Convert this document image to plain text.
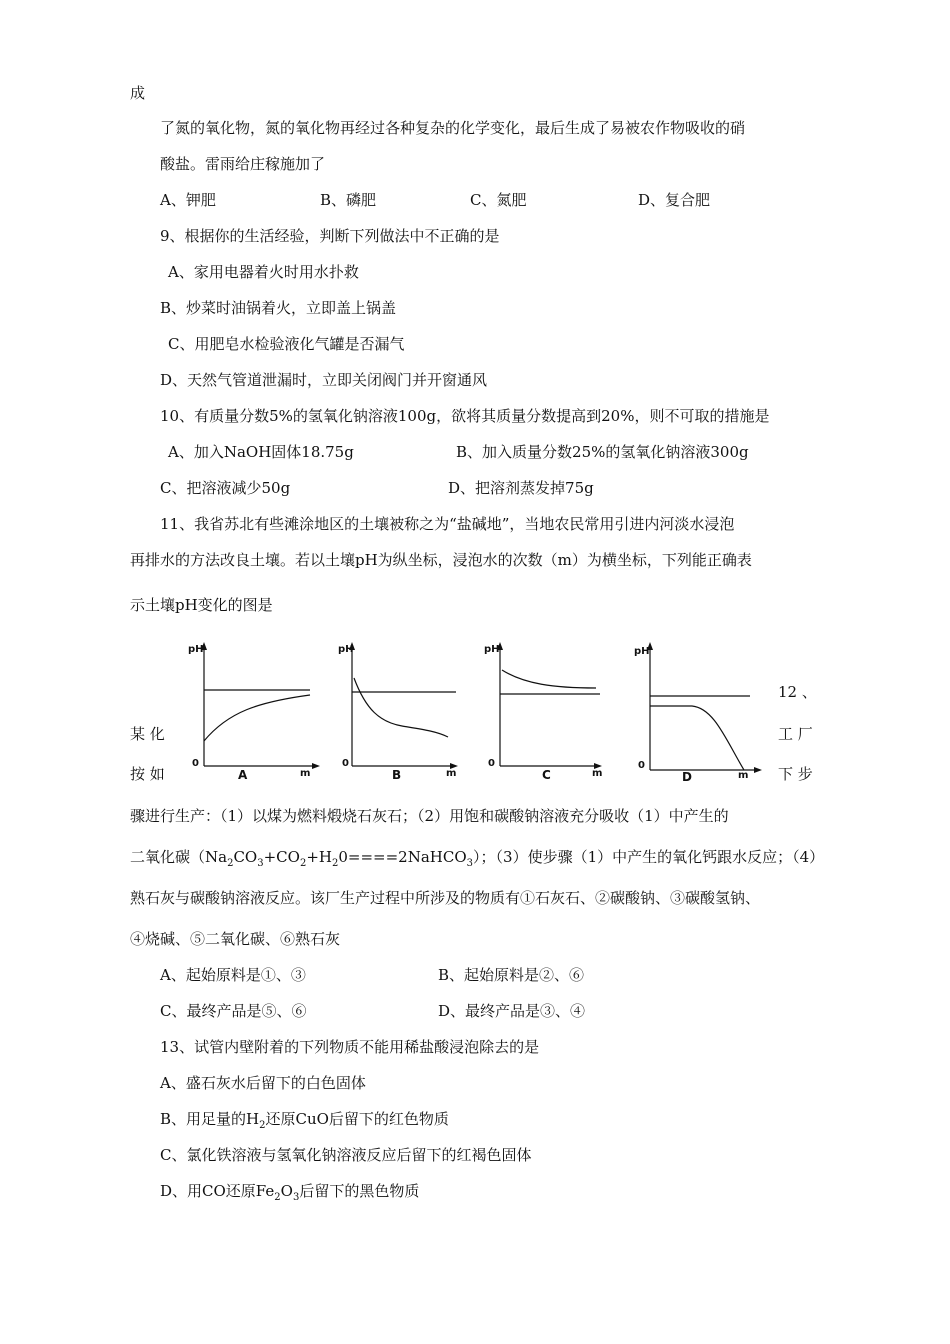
成
了氮的氧化物，氮的氧化物再经过各种复杂的化学变化，最后生成了易被农作物吸收的硝
酸盐。雷雨给庄稼施加了
A、钾肥	B、磷肥	C、氮肥	D、复合肥
9、根据你的生活经验，判断下列做法中不正确的是
A、家用电器着火时用水扑救
B、炒菜时油锅着火，立即盖上锅盖
C、用肥皂水检验液化气罐是否漏气
D、天然气管道泄漏时，立即关闭阀门并开窗通风
10、有质量分数5%的氢氧化钠溶液100g，欲将其质量分数提高到20%，则不可取的措施是
A、加入NaOH固体18.75g	B、加入质量分数25%的氢氧化钠溶液300g
C、把溶液减少50g	D、把溶剂蒸发掉75g
11、我省苏北有些滩涂地区的土壤被称之为“盐碱地”，当地农民常用引进内河淡水浸泡
再排水的方法改良土壤。若以土壤pH为纵坐标，浸泡水的次数（m）为横坐标，下列能正确表
示土壤pH变化的图是
pH
0
A	m
pH
0
B	m
pH
0
C	m
pH
0
D	m
某 化
按 如
12 、
工 厂
下 步
骤进行生产：（1）以煤为燃料煅烧石灰石；（2）用饱和碳酸钠溶液充分吸收（1）中产生的
二氧化碳$(Na_2CO_3+CO_2+H_20====2NaHCO_3)$；（3）使步骤（1）中产生的氧化钙跟水反应；（4）
熟石灰与碳酸钠溶液反应。该厂生产过程中所涉及的物质有①石灰石、②碳酸钠、③碳酸氢钠、
④烧碱、⑤二氧化碳、⑥熟石灰
A、起始原料是①、③	B、起始原料是②、⑥
C、最终产品是⑤、⑥	D、最终产品是③、④
13、试管内壁附着的下列物质不能用稀盐酸浸泡除去的是
A、盛石灰水后留下的白色固体
B、用足量的$H_2$还原CuO后留下的红色物质
C、氯化铁溶液与氢氧化钠溶液反应后留下的红褐色固体
D、用CO还原$Fe_2O_3$后留下的黑色物质
